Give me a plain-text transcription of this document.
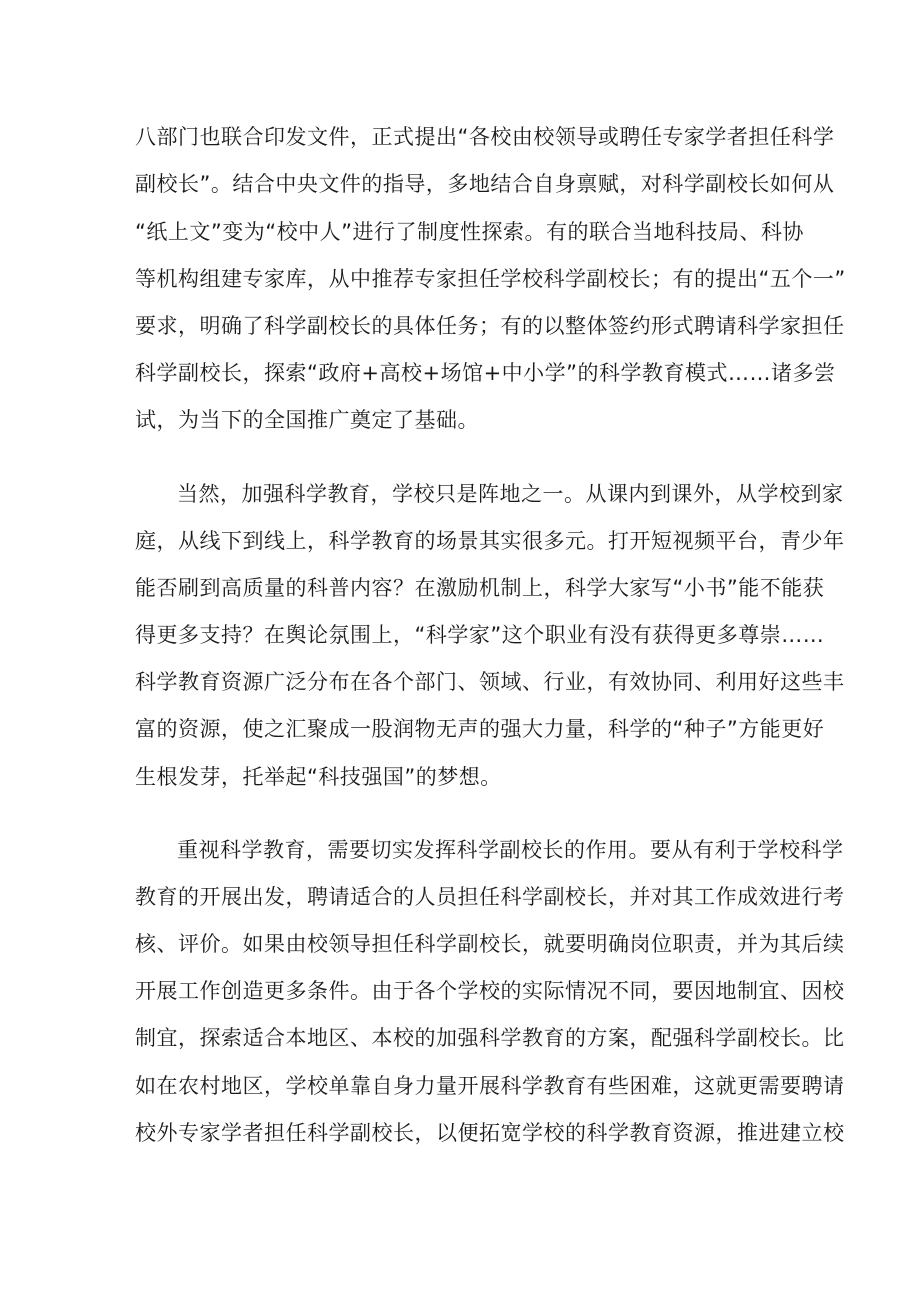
八部门也联合印发文件，正式提出“各校由校领导或聘任专家学者担任科学
副校长”。结合中央文件的指导，多地结合自身禀赋，对科学副校长如何从
“纸上文”变为“校中人”进行了制度性探索。有的联合当地科技局、科协
等机构组建专家库，从中推荐专家担任学校科学副校长；有的提出“五个一”
要求，明确了科学副校长的具体任务；有的以整体签约形式聘请科学家担任
科学副校长，探索“政府+高校+场馆+中小学”的科学教育模式……诸多尝
试，为当下的全国推广奠定了基础。
当然，加强科学教育，学校只是阵地之一。从课内到课外，从学校到家
庭，从线下到线上，科学教育的场景其实很多元。打开短视频平台，青少年
能否刷到高质量的科普内容？在激励机制上，科学大家写“小书”能不能获
得更多支持？在舆论氛围上，“科学家”这个职业有没有获得更多尊崇……
科学教育资源广泛分布在各个部门、领域、行业，有效协同、利用好这些丰
富的资源，使之汇聚成一股润物无声的强大力量，科学的“种子”方能更好
生根发芽，托举起“科技强国”的梦想。
重视科学教育，需要切实发挥科学副校长的作用。要从有利于学校科学
教育的开展出发，聘请适合的人员担任科学副校长，并对其工作成效进行考
核、评价。如果由校领导担任科学副校长，就要明确岗位职责，并为其后续
开展工作创造更多条件。由于各个学校的实际情况不同，要因地制宜、因校
制宜，探索适合本地区、本校的加强科学教育的方案，配强科学副校长。比
如在农村地区，学校单靠自身力量开展科学教育有些困难，这就更需要聘请
校外专家学者担任科学副校长，以便拓宽学校的科学教育资源，推进建立校
